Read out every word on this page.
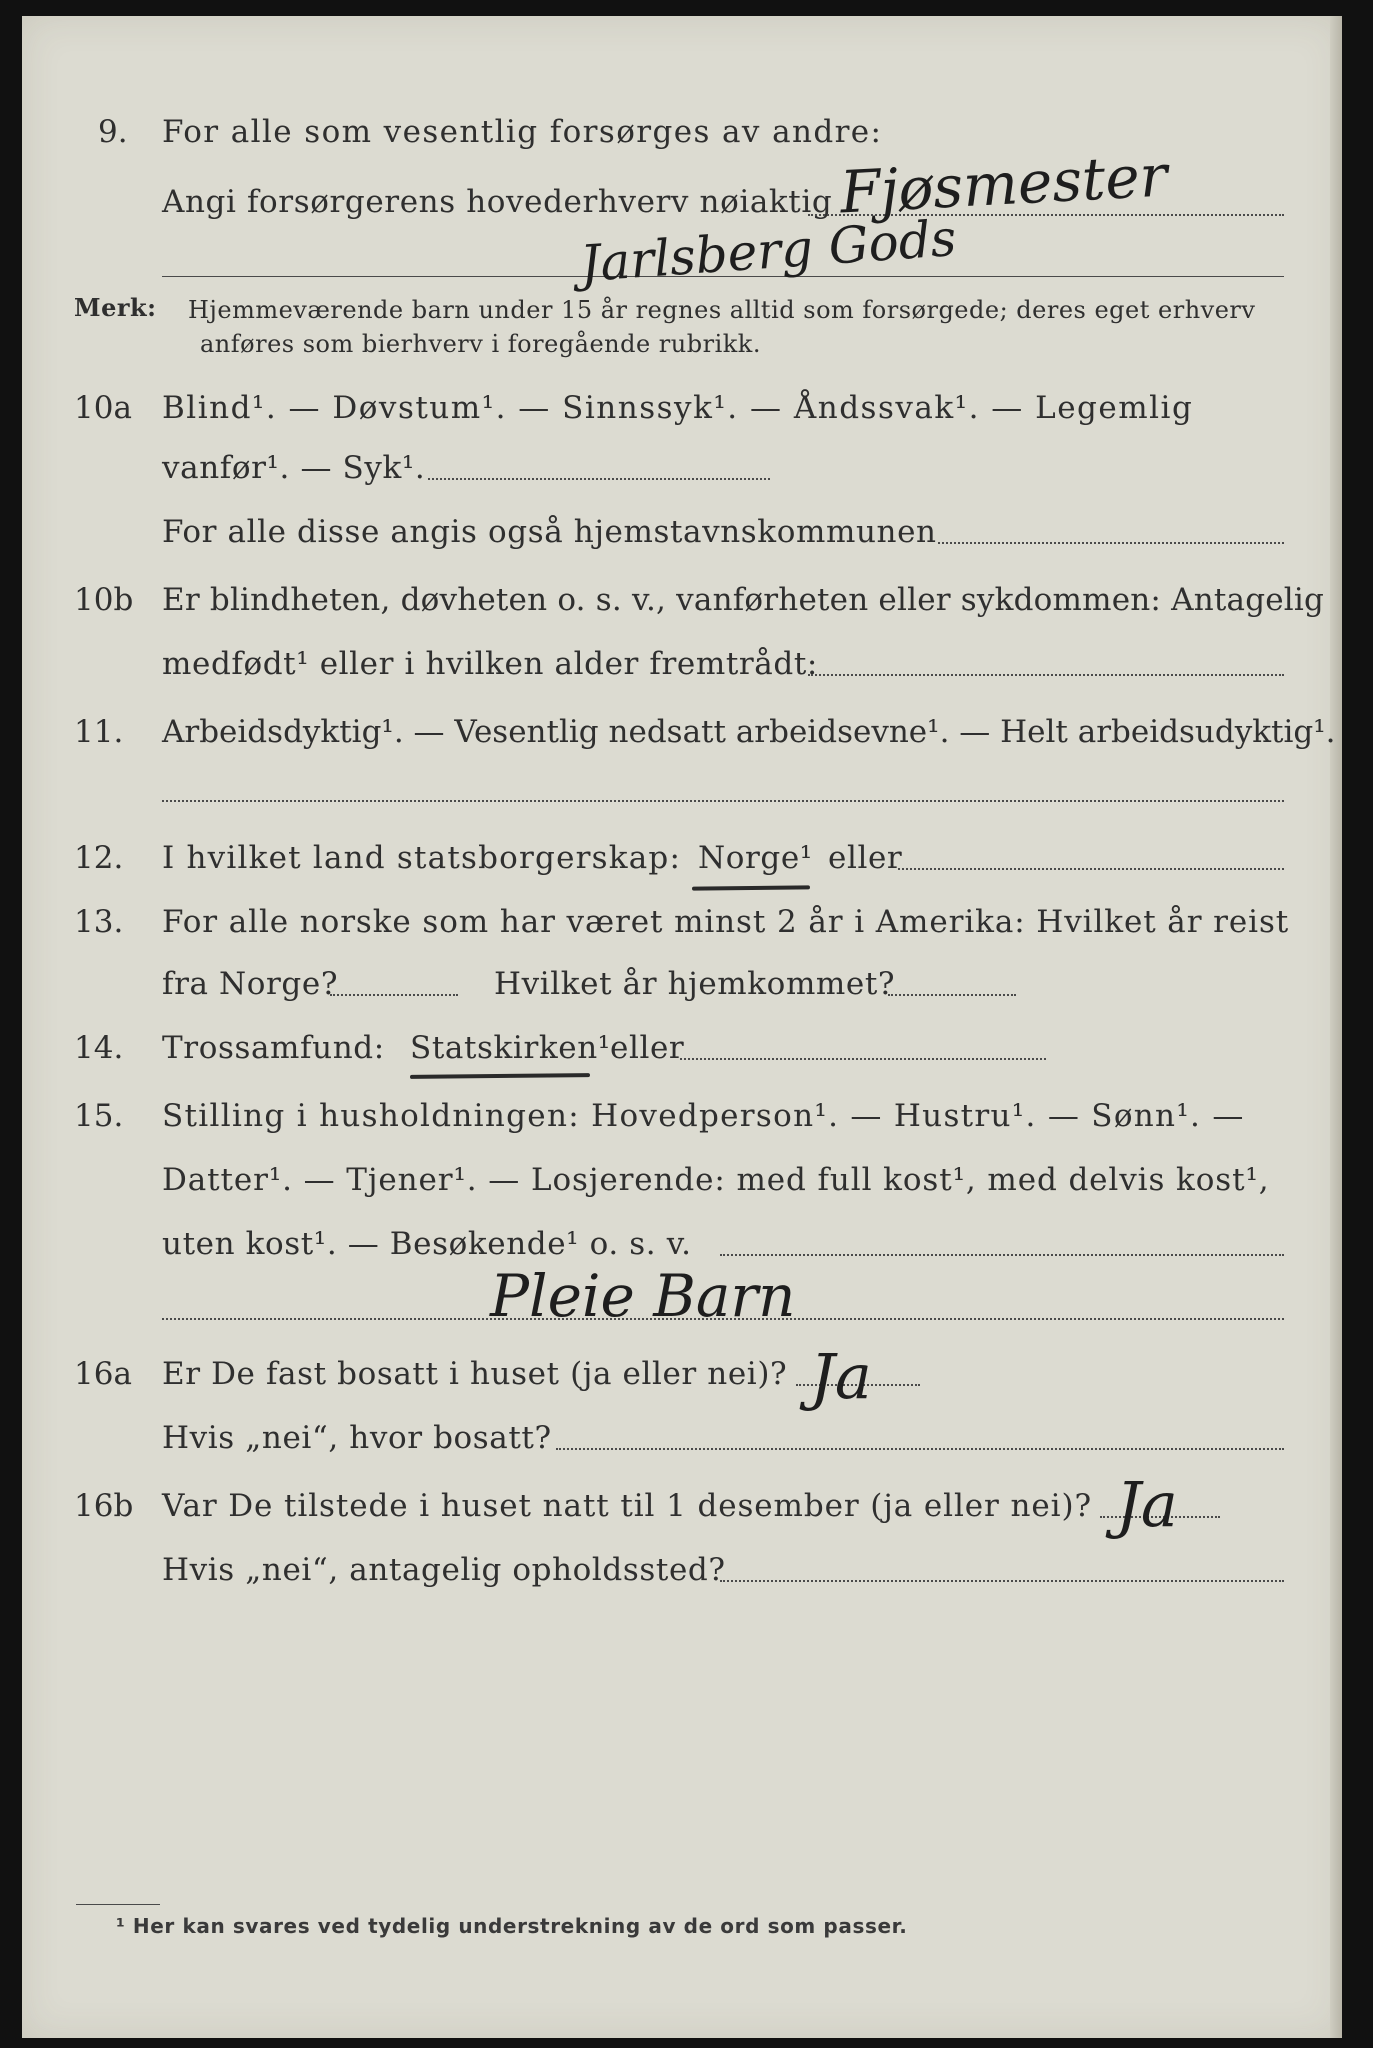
9. For alle som vesentlig forsørges av andre:
Angi forsørgerens hovederhverv nøiaktig Fjøsmester
Jarlsberg Gods
Merk: Hjemmeværende barn under 15 år regnes alltid som forsørgede; deres eget erhverv
anføres som bierhverv i foregående rubrikk.
10a Blind¹. — Døvstum¹. — Sinnssyk¹. — Åndssvak¹. — Legemlig
vanfør¹. — Syk¹.
For alle disse angis også hjemstavnskommunen
10b Er blindheten, døvheten o. s. v., vanførheten eller sykdommen: Antagelig
medfødt¹ eller i hvilken alder fremtrådt:
11. Arbeidsdyktig¹. — Vesentlig nedsatt arbeidsevne¹. — Helt arbeidsudyktig¹.
12. I hvilket land statsborgerskap: Norge¹ eller
13. For alle norske som har været minst 2 år i Amerika: Hvilket år reist
fra Norge?	Hvilket år hjemkommet?
14. Trossamfund: Statskirken¹ eller
15. Stilling i husholdningen: Hovedperson¹. — Hustru¹. — Sønn¹. —
Datter¹. — Tjener¹. — Losjerende: med full kost¹, med delvis kost¹,
uten kost¹. — Besøkende¹ o. s. v.
Pleie Barn
16a Er De fast bosatt i huset (ja eller nei)? Ja
Hvis „nei“, hvor bosatt?
16b Var De tilstede i huset natt til 1 desember (ja eller nei)? Ja
Hvis „nei“, antagelig opholdssted?
¹ Her kan svares ved tydelig understrekning av de ord som passer.
